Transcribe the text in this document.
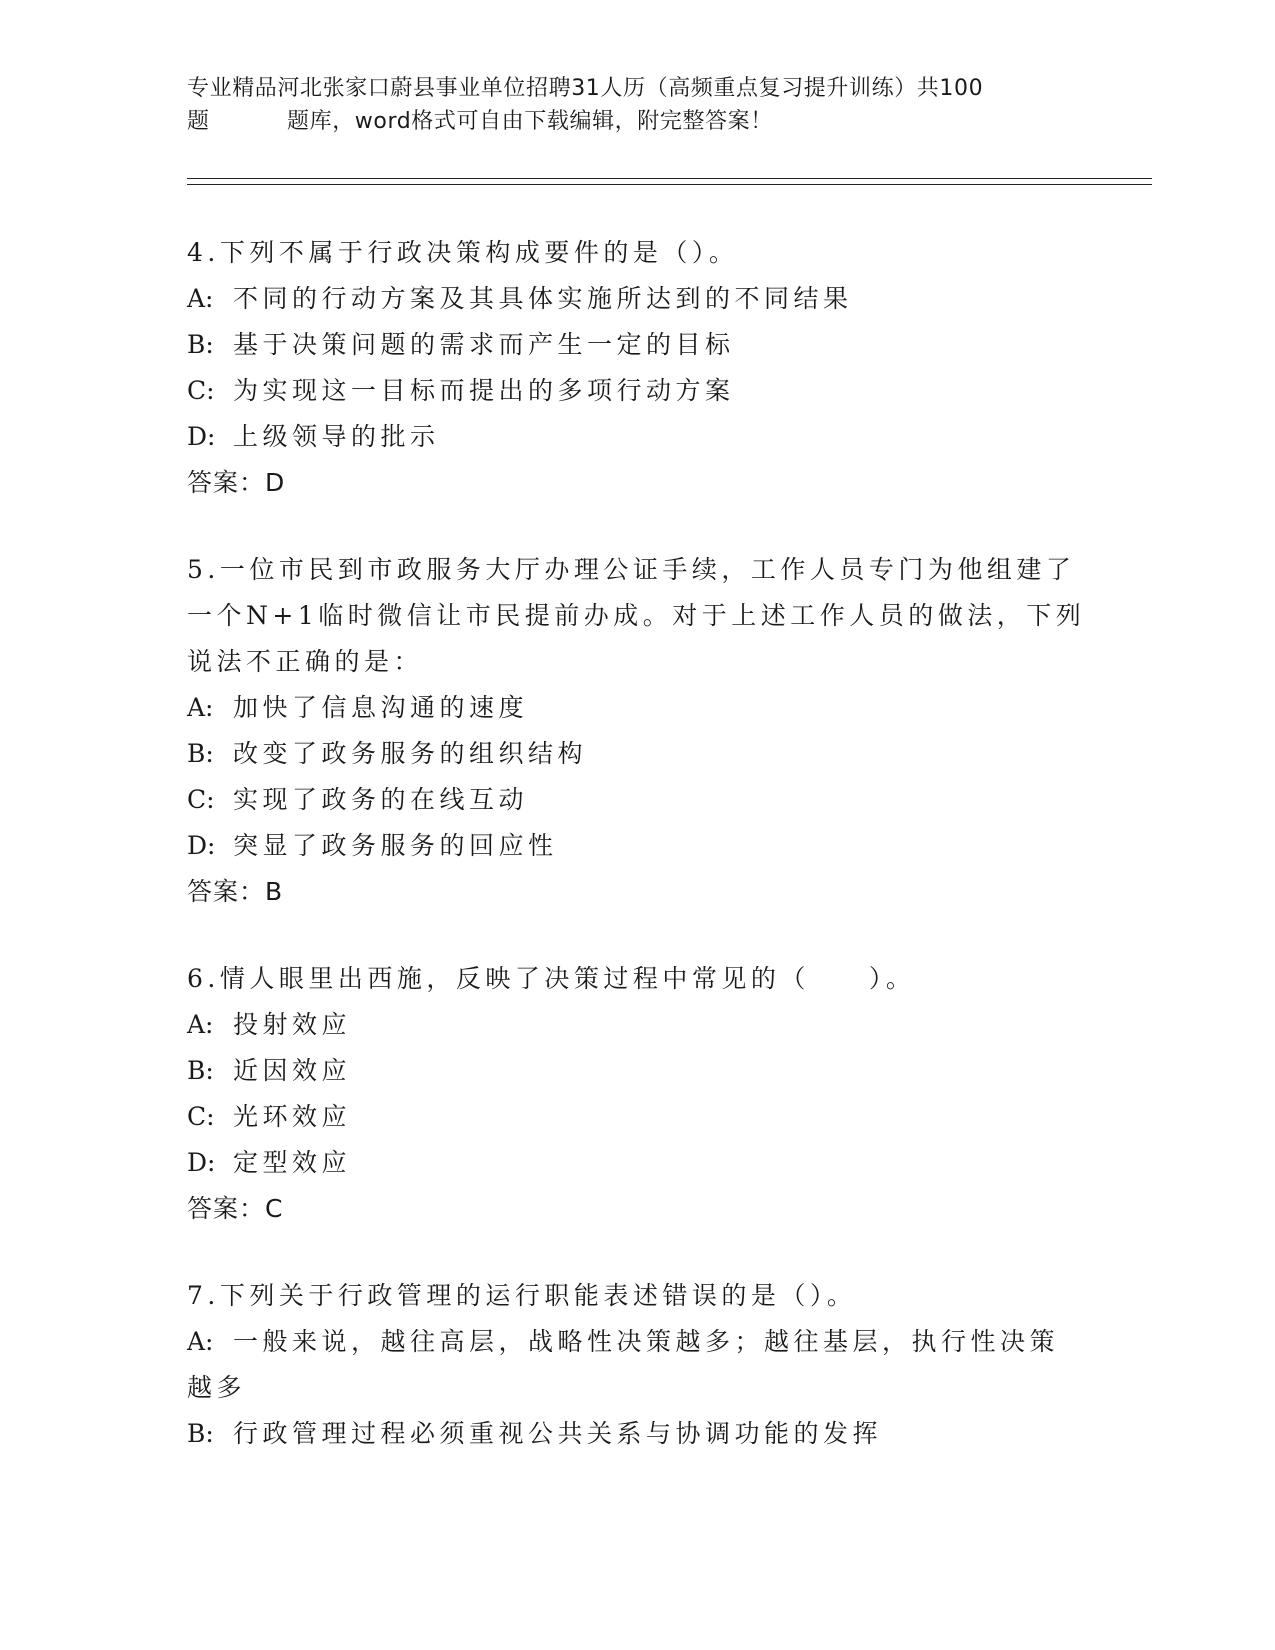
专业精品河北张家口蔚县事业单位招聘31人历（高频重点复习提升训练）共100
题	题库，word格式可自由下载编辑，附完整答案！

4.下列不属于行政决策构成要件的是（）。

A: 不同的行动方案及其具体实施所达到的不同结果

B: 基于决策问题的需求而产生一定的目标

C: 为实现这一目标而提出的多项行动方案

D: 上级领导的批示

答案：D

5.一位市民到市政服务大厅办理公证手续，工作人员专门为他组建了一个N+1临时微信让市民提前办成。对于上述工作人员的做法，下列说法不正确的是：

A: 加快了信息沟通的速度

B: 改变了政务服务的组织结构

C: 实现了政务的在线互动

D: 突显了政务服务的回应性

答案：B

6.情人眼里出西施，反映了决策过程中常见的（　　）。

A: 投射效应

B: 近因效应

C: 光环效应

D: 定型效应

答案：C

7.下列关于行政管理的运行职能表述错误的是（）。

A: 一般来说，越往高层，战略性决策越多；越往基层，执行性决策越多

B: 行政管理过程必须重视公共关系与协调功能的发挥
